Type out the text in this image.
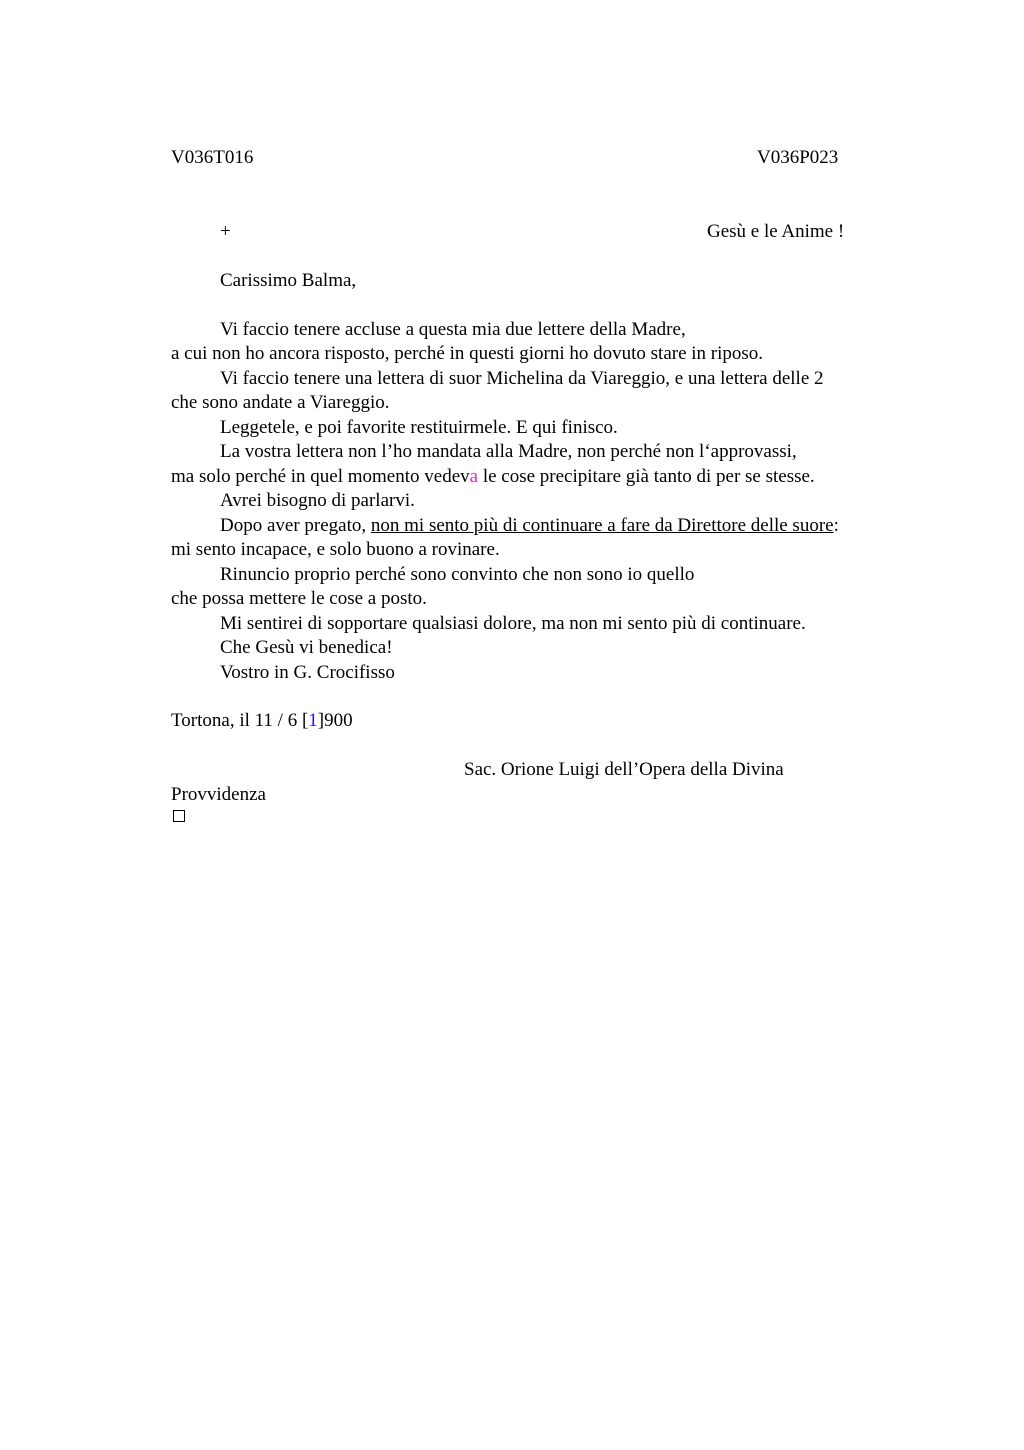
V036T016	V036P023
+	Gesù e le Anime !
Carissimo Balma,
Vi faccio tenere accluse a questa mia due lettere della Madre,
a cui non ho ancora risposto, perché in questi giorni ho dovuto stare in riposo.
Vi faccio tenere una lettera di suor Michelina da Viareggio, e una lettera delle 2
che sono andate a Viareggio.
Leggetele, e poi favorite restituirmele. E qui finisco.
La vostra lettera non l’ho mandata alla Madre, non perché non l‘approvassi,
ma solo perché in quel momento vedeva le cose precipitare già tanto di per se stesse.
Avrei bisogno di parlarvi.
Dopo aver pregato, non mi sento più di continuare a fare da Direttore delle suore:
mi sento incapace, e solo buono a rovinare.
Rinuncio proprio perché sono convinto che non sono io quello
che possa mettere le cose a posto.
Mi sentirei di sopportare qualsiasi dolore, ma non mi sento più di continuare.
Che Gesù vi benedica!
Vostro in G. Crocifisso
Tortona, il 11 / 6 [1]900
Sac. Orione Luigi dell’Opera della Divina
Provvidenza
